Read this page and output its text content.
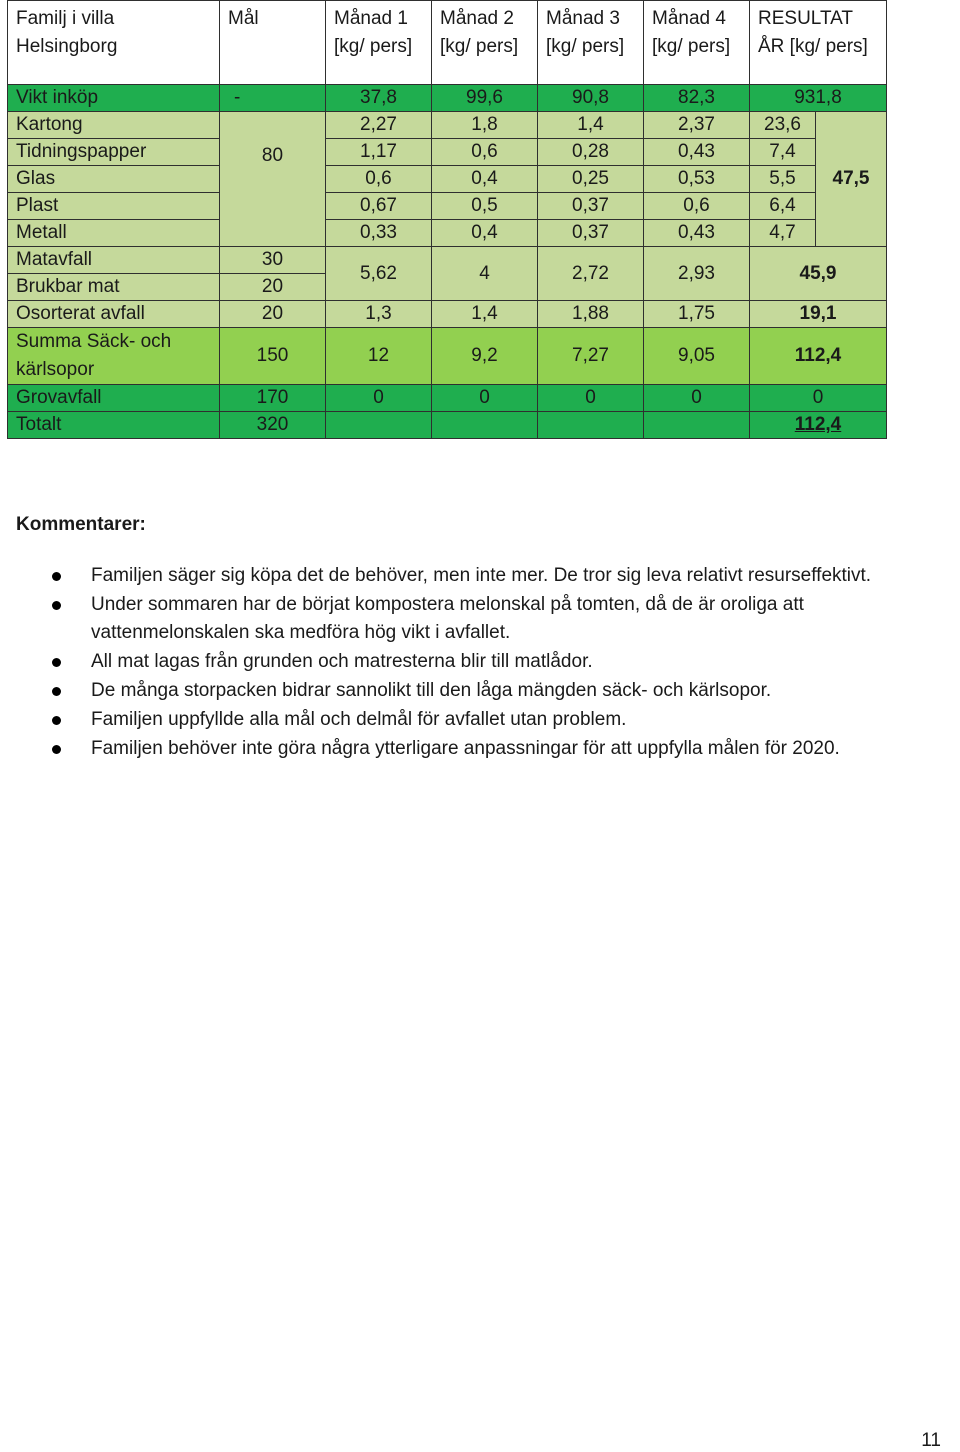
Familj i villa Helsingborg	Mål	Månad 1 [kg/ pers]	Månad 2 [kg/ pers]	Månad 3 [kg/ pers]	Månad 4 [kg/ pers]	RESULTAT ÅR [kg/ pers]	
Vikt inköp	-	37,8	99,6	90,8	82,3	931,8	
Kartong	80	2,27	1,8	1,4	2,37	23,6	47,5
Tidningspapper		1,17	0,6	0,28	0,43	7,4	
Glas		0,6	0,4	0,25	0,53	5,5	
Plast		0,67	0,5	0,37	0,6	6,4	
Metall		0,33	0,4	0,37	0,43	4,7	
Matavfall	30	5,62	4	2,72	2,93	45,9	
Brukbar mat	20						
Osorterat avfall	20	1,3	1,4	1,88	1,75	19,1	
Summa Säck- och kärlsopor	150	12	9,2	7,27	9,05	112,4	
Grovavfall	170	0	0	0	0	0	
Totalt	320					112,4	
Kommentarer:
Familjen säger sig köpa det de behöver, men inte mer. De tror sig leva relativt resurseffektivt.
Under sommaren har de börjat kompostera melonskal på tomten, då de är oroliga att vattenmelonskalen ska medföra hög vikt i avfallet.
All mat lagas från grunden och matresterna blir till matlådor.
De många storpacken bidrar sannolikt till den låga mängden säck- och kärlsopor.
Familjen uppfyllde alla mål och delmål för avfallet utan problem.
Familjen behöver inte göra några ytterligare anpassningar för att uppfylla målen för 2020.
11
